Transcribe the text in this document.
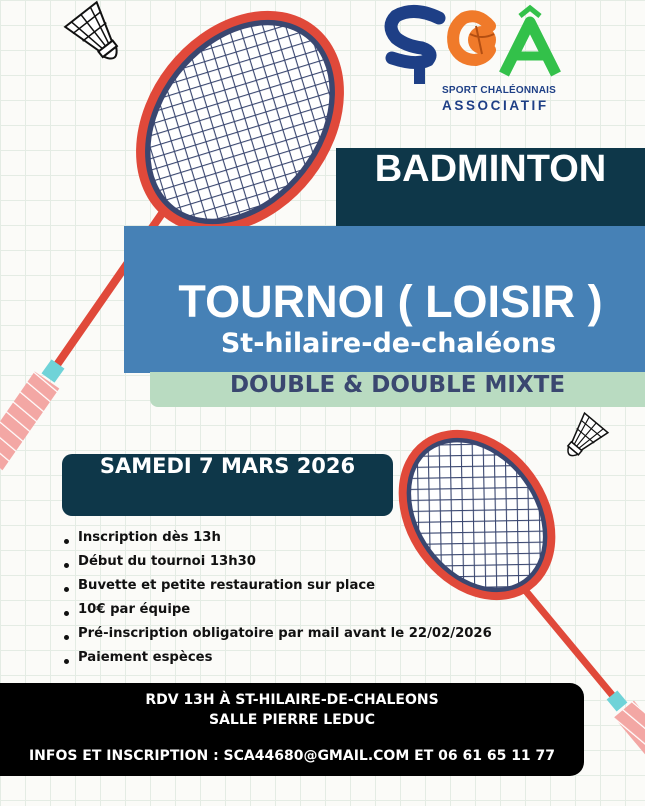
SPORT CHALÉONNAIS
ASSOCIATIF
BADMINTON
TOURNOI ( LOISIR )
St-hilaire-de-chaléons
DOUBLE & DOUBLE MIXTE
SAMEDI 7 MARS 2026
Inscription dès 13h
Début du tournoi 13h30
Buvette et petite restauration sur place
10€ par équipe
Pré-inscription obligatoire par mail avant le 22/02/2026
Paiement espèces
RDV 13H À ST-HILAIRE-DE-CHALEONS
SALLE PIERRE LEDUC
INFOS ET INSCRIPTION : SCA44680@GMAIL.COM ET 06 61 65 11 77
